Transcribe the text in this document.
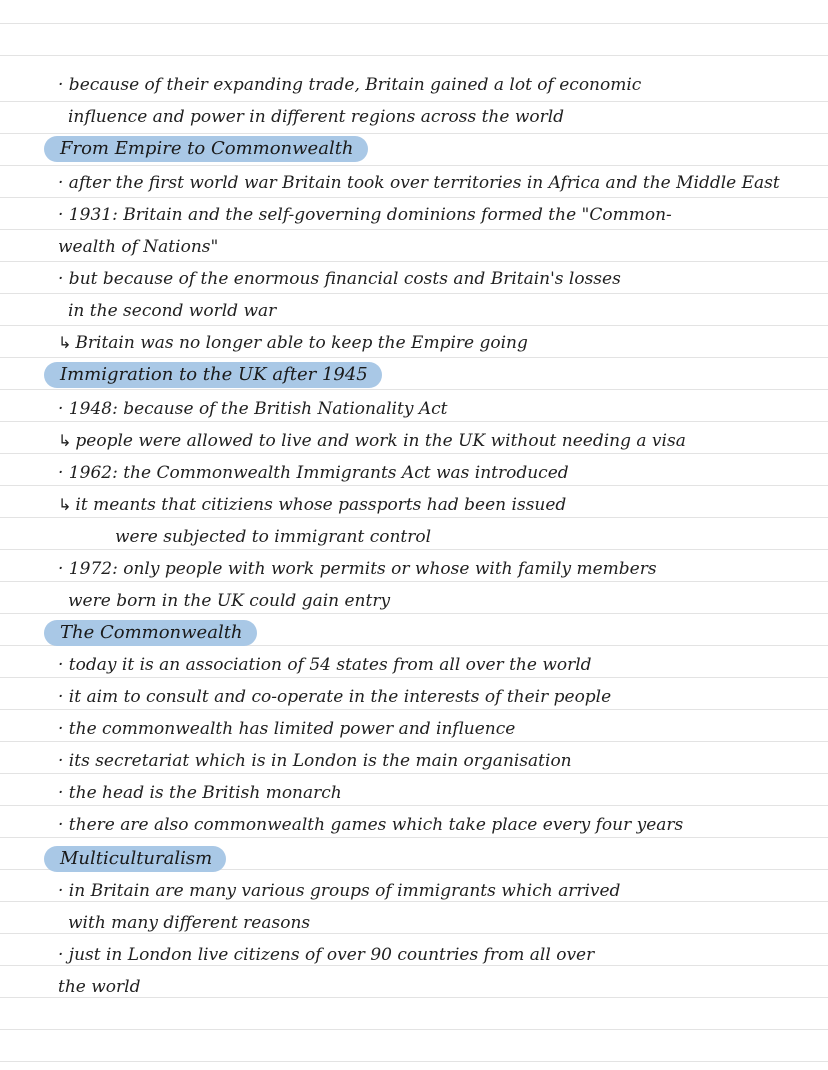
· because of their expanding trade, Britain gained a lot of economic
influence and power in different regions across the world
From Empire to Commonwealth
· after the first world war Britain took over territories in Africa and the Middle East
· 1931: Britain and the self-governing dominions formed the "Common-
wealth of Nations"
· but because of the enormous financial costs and Britain's losses
in the second world war
↳ Britain was no longer able to keep the Empire going
Immigration to the UK after 1945
· 1948: because of the British Nationality Act
↳ people were allowed to live and work in the UK without needing a visa
· 1962: the Commonwealth Immigrants Act was introduced
↳ it meants that citiziens whose passports had been issued
were subjected to immigrant control
· 1972: only people with work permits or whose with family members
were born in the UK could gain entry
The Commonwealth
· today it is an association of 54 states from all over the world
· it aim to consult and co-operate in the interests of their people
· the commonwealth has limited power and influence
· its secretariat which is in London is the main organisation
· the head is the British monarch
· there are also commonwealth games which take place every four years
Multiculturalism
· in Britain are many various groups of immigrants which arrived
with many different reasons
· just in London live citizens of over 90 countries from all over
the world
